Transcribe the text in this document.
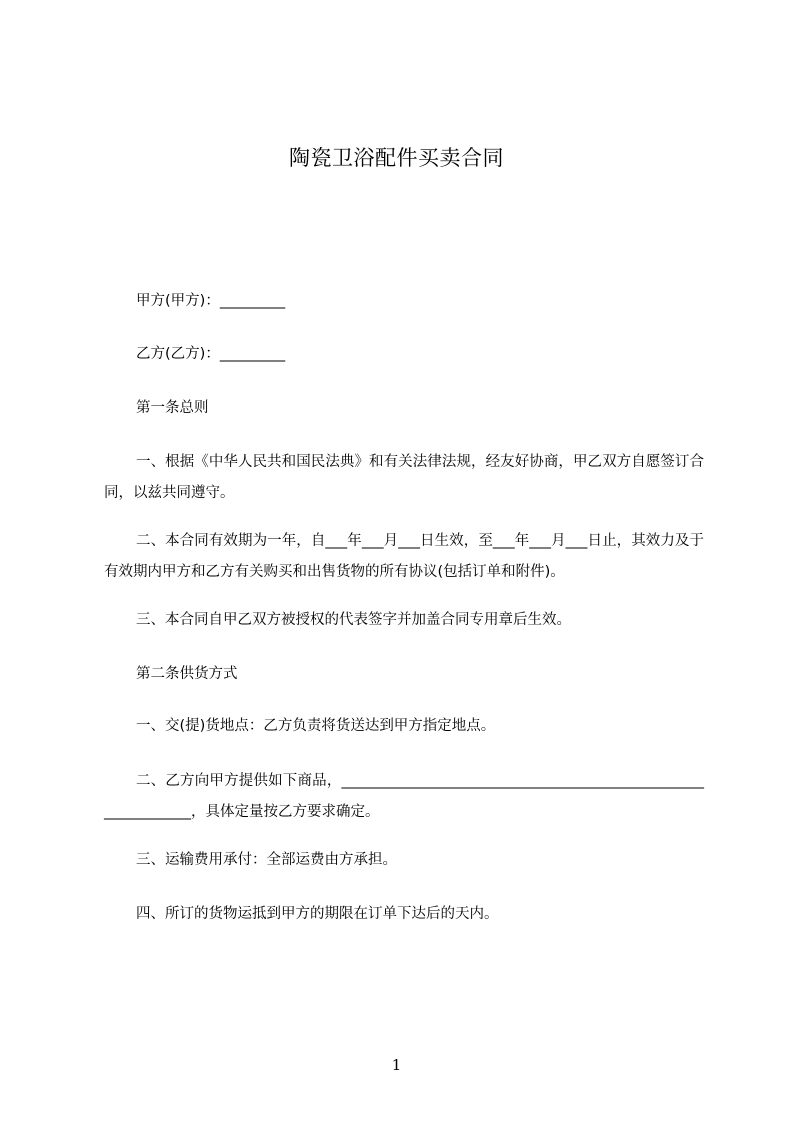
陶瓷卫浴配件买卖合同
甲方(甲方)：_________
乙方(乙方)：_________
第一条总则
一、根据《中华人民共和国民法典》和有关法律法规，经友好协商，甲乙双方自愿签订合同，以兹共同遵守。
二、本合同有效期为一年，自___年___月___日生效，至___年___月___日止，其效力及于有效期内甲方和乙方有关购买和出售货物的所有协议(包括订单和附件)。
三、本合同自甲乙双方被授权的代表签字并加盖合同专用章后生效。
第二条供货方式
一、交(提)货地点：乙方负责将货送达到甲方指定地点。
二、乙方向甲方提供如下商品，______________________________________________________________，具体定量按乙方要求确定。
三、运输费用承付：全部运费由方承担。
四、所订的货物运抵到甲方的期限在订单下达后的天内。
1
